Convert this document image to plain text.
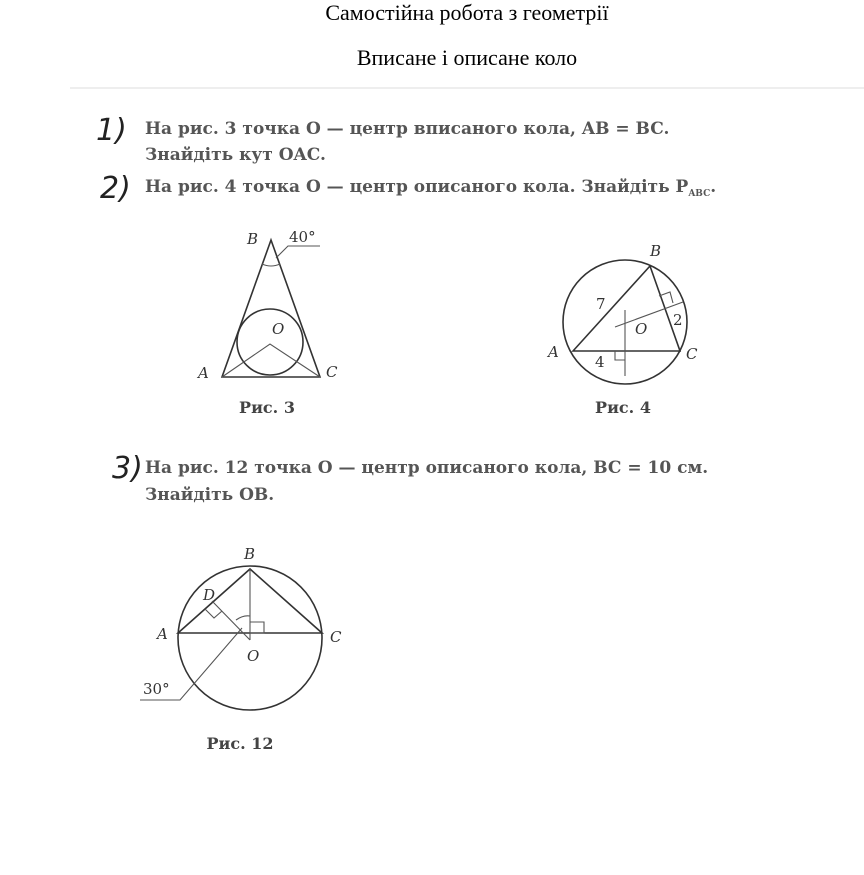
Самостійна робота з геометрії
Вписане і описане коло
1) На рис. 3 точка O — центр вписаного кола, AB = BC.
Знайдіть кут OAC.
2) На рис. 4 точка O — центр описаного кола. Знайдіть $P_{ABC}$.
B 40°
O
A	C
Рис. 3
B
A	C
O
7
2
4
Рис. 4
3) На рис. 12 точка O — центр описаного кола, BC = 10 см.
Знайдіть OB.
B
A	C
O
D
30°
Рис. 12
